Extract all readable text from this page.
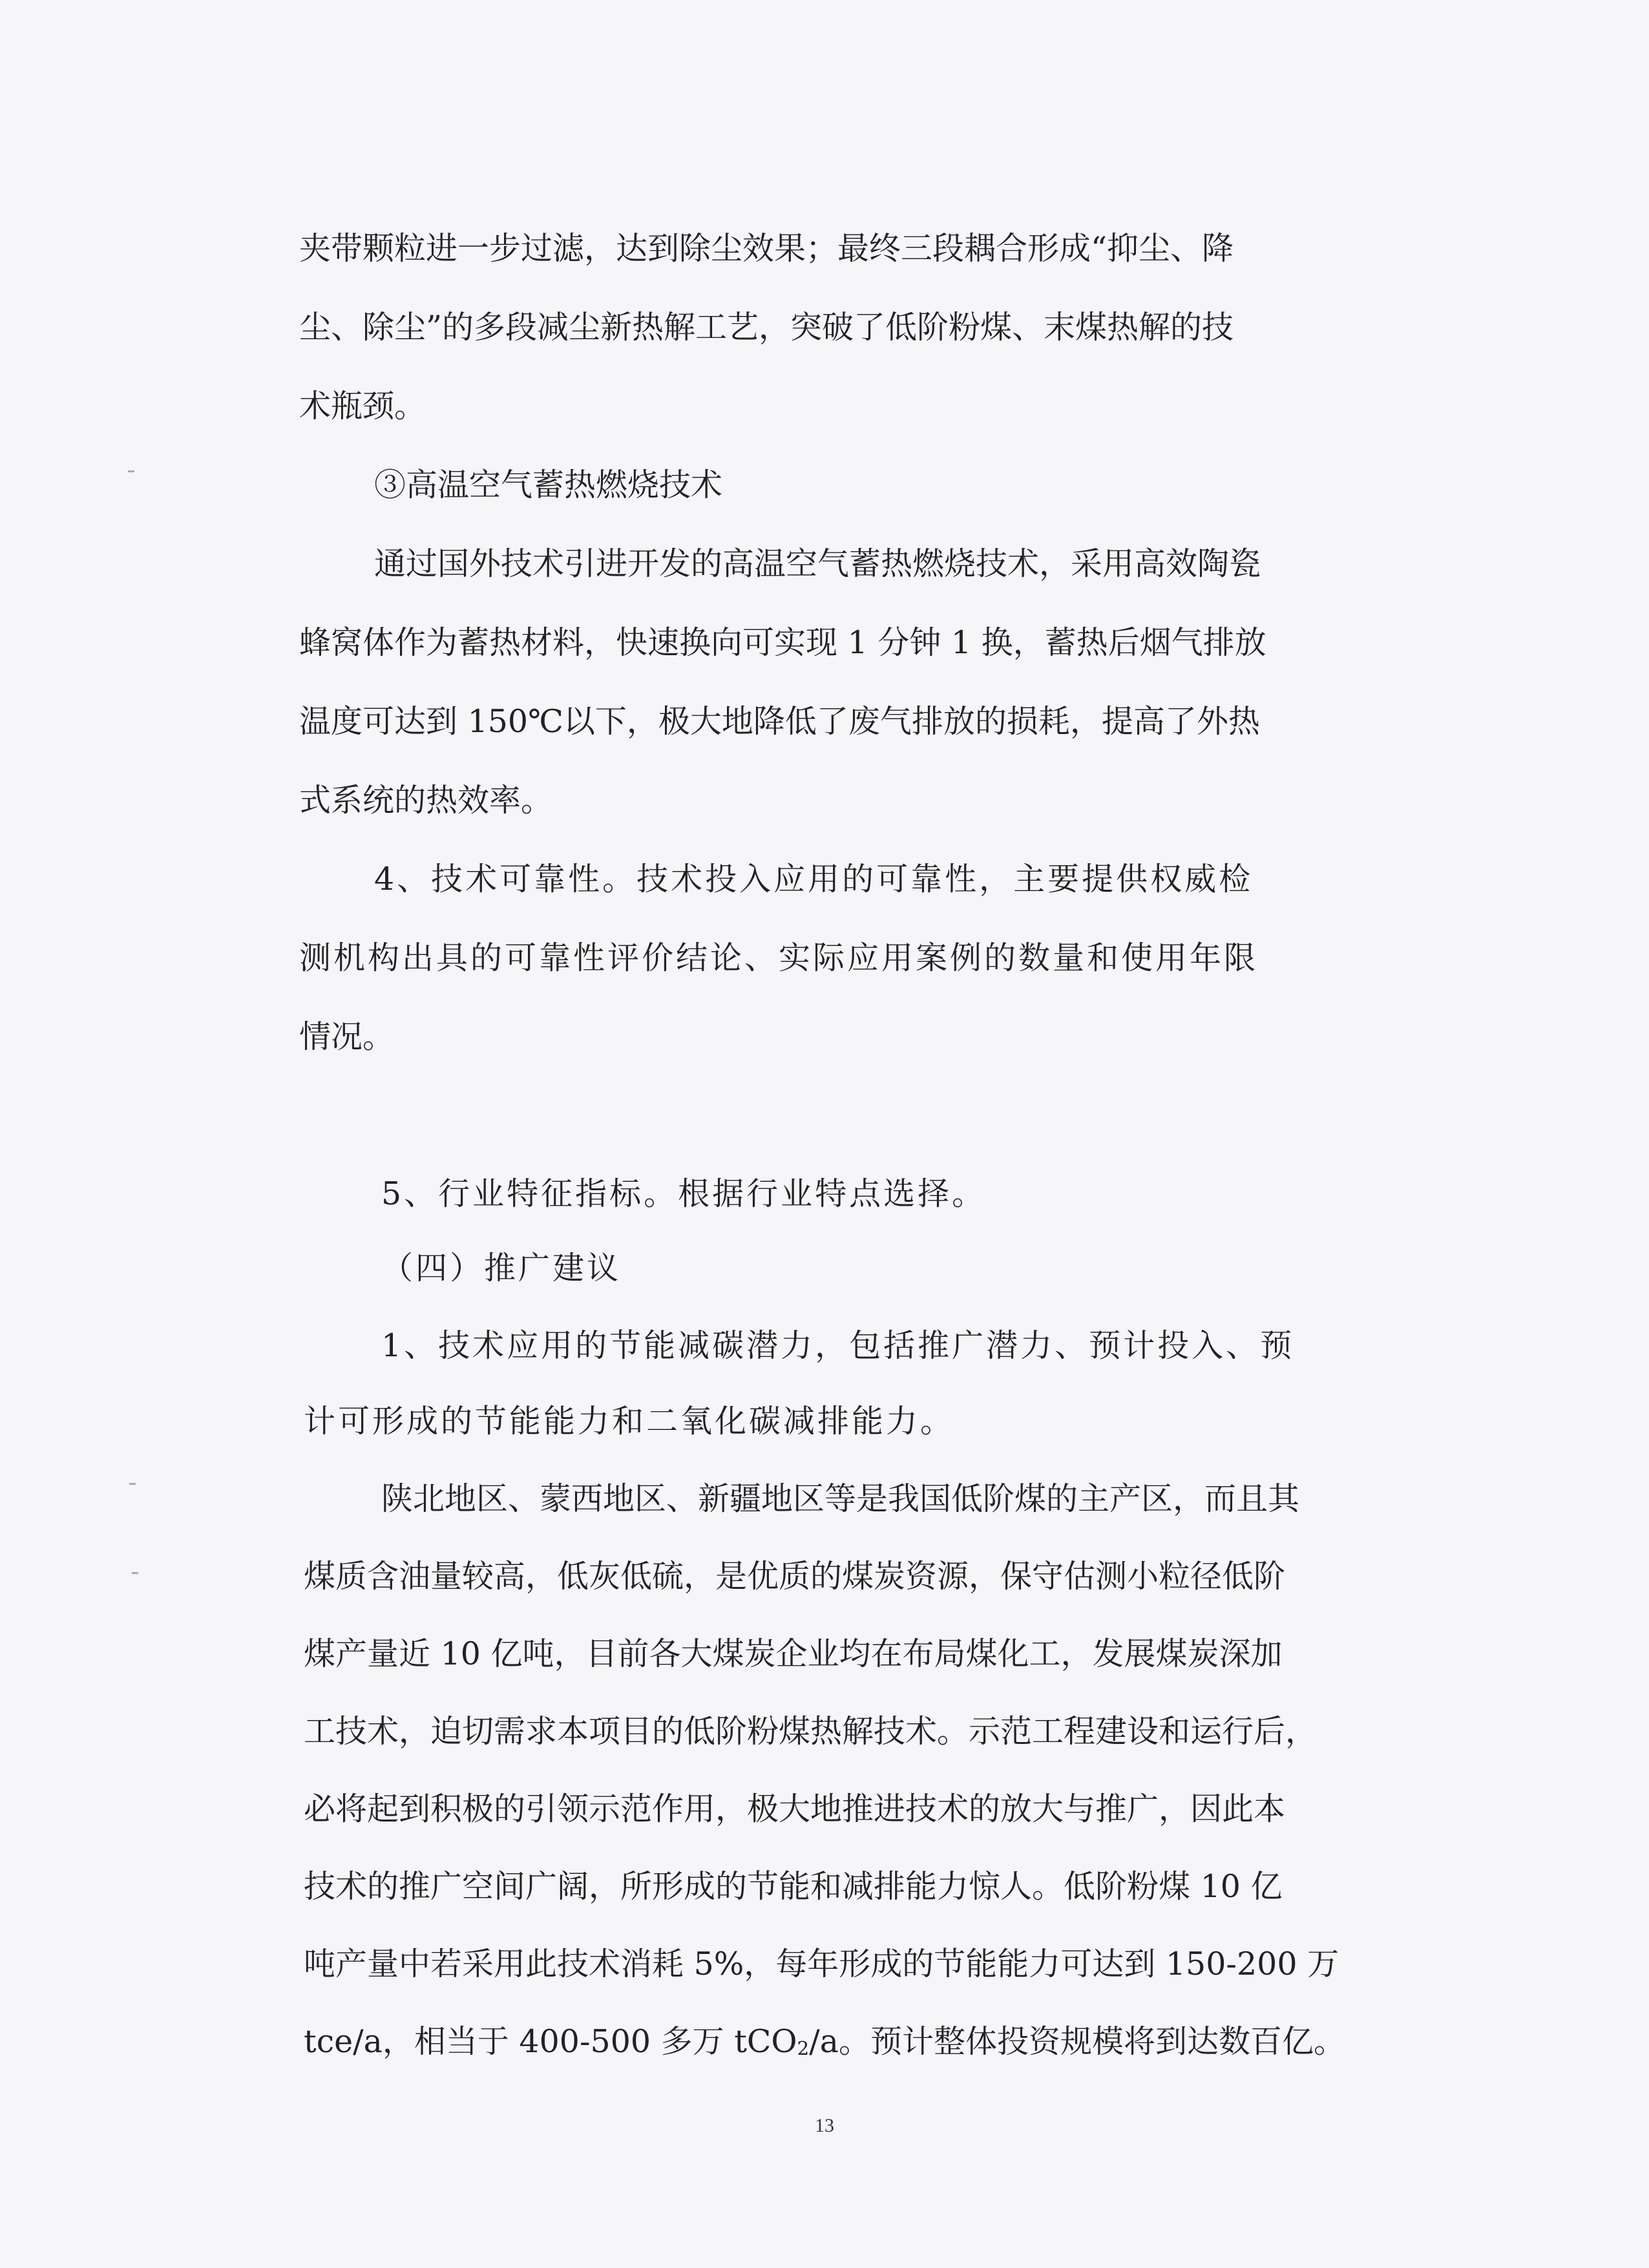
夹带颗粒进一步过滤，达到除尘效果；最终三段耦合形成“抑尘、降
尘、除尘”的多段减尘新热解工艺，突破了低阶粉煤、末煤热解的技
术瓶颈。
③高温空气蓄热燃烧技术
通过国外技术引进开发的高温空气蓄热燃烧技术，采用高效陶瓷
蜂窝体作为蓄热材料，快速换向可实现 1 分钟 1 换，蓄热后烟气排放
温度可达到 150℃以下，极大地降低了废气排放的损耗，提高了外热
式系统的热效率。
4、技术可靠性。技术投入应用的可靠性，主要提供权威检
测机构出具的可靠性评价结论、实际应用案例的数量和使用年限
情况。
5、行业特征指标。根据行业特点选择。
（四）推广建议
1、技术应用的节能减碳潜力，包括推广潜力、预计投入、预
计可形成的节能能力和二氧化碳减排能力。
陕北地区、蒙西地区、新疆地区等是我国低阶煤的主产区，而且其
煤质含油量较高，低灰低硫，是优质的煤炭资源，保守估测小粒径低阶
煤产量近 10 亿吨，目前各大煤炭企业均在布局煤化工，发展煤炭深加
工技术，迫切需求本项目的低阶粉煤热解技术。示范工程建设和运行后，
必将起到积极的引领示范作用，极大地推进技术的放大与推广，因此本
技术的推广空间广阔，所形成的节能和减排能力惊人。低阶粉煤 10 亿
吨产量中若采用此技术消耗 5%，每年形成的节能能力可达到 150-200 万
tce/a，相当于 400-500 多万 tCO$_2$/a。预计整体投资规模将到达数百亿。
13
